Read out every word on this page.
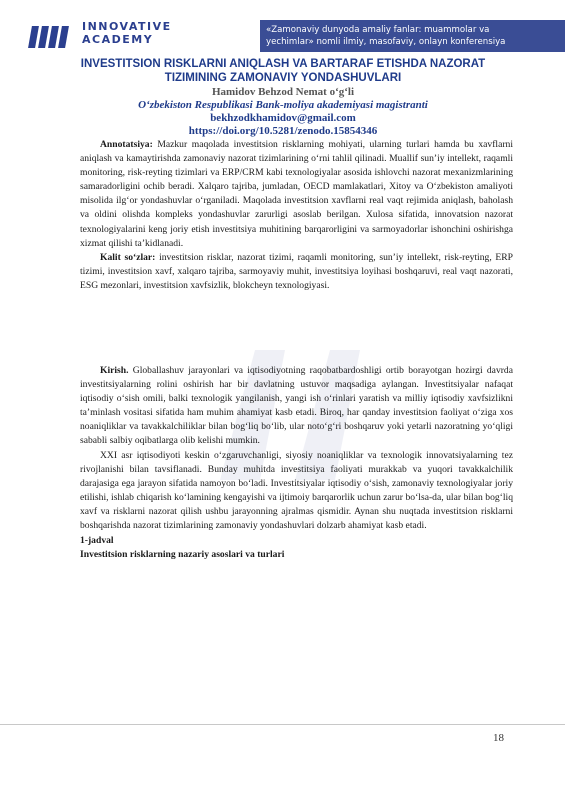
INNOVATIVE
ACADEMY
«Zamonaviy dunyoda amaliy fanlar: muammolar va
yechimlar» nomli ilmiy, masofaviy, onlayn konferensiya
INVESTITSION RISKLARNI ANIQLASH VA BARTARAF ETISHDA NAZORAT
TIZIMINING ZAMONAVIY YONDASHUVLARI
Hamidov Behzod Nemat o‘g‘li
O‘zbekiston Respublikasi Bank-moliya akademiyasi magistranti
bekhzodkhamidov@gmail.com
https://doi.org/10.5281/zenodo.15854346

Annotatsiya: Mazkur maqolada investitsion risklarning mohiyati, ularning turlari hamda bu xavflarni aniqlash va kamaytirishda zamonaviy nazorat tizimlarining o‘rni tahlil qilinadi. Muallif sun’iy intellekt, raqamli monitoring, risk-reyting tizimlari va ERP/CRM kabi texnologiyalar asosida ishlovchi nazorat mexanizmlarining samaradorligini ochib beradi. Xalqaro tajriba, jumladan, OECD mamlakatlari, Xitoy va O‘zbekiston amaliyoti misolida ilg‘or yondashuvlar o‘rganiladi. Maqolada investitsion xavflarni real vaqt rejimida aniqlash, baholash va oldini olishda kompleks yondashuvlar zarurligi asoslab berilgan. Xulosa sifatida, innovatsion nazorat texnologiyalarini keng joriy etish investitsiya muhitining barqarorligini va sarmoyadorlar ishonchini oshirishga xizmat qilishi ta’kidlanadi.

Kalit so‘zlar: investitsion risklar, nazorat tizimi, raqamli monitoring, sun’iy intellekt, risk-reyting, ERP tizimi, investitsion xavf, xalqaro tajriba, sarmoyaviy muhit, investitsiya loyihasi boshqaruvi, real vaqt nazorati, ESG mezonlari, investitsion xavfsizlik, blokcheyn texnologiyasi.

Kirish. Globallashuv jarayonlari va iqtisodiyotning raqobatbardoshligi ortib borayotgan hozirgi davrda investitsiyalarning rolini oshirish har bir davlatning ustuvor maqsadiga aylangan. Investitsiyalar nafaqat iqtisodiy o‘sish omili, balki texnologik yangilanish, yangi ish o‘rinlari yaratish va milliy iqtisodiy xavfsizlikni ta’minlash vositasi sifatida ham muhim ahamiyat kasb etadi. Biroq, har qanday investitsion faoliyat o‘ziga xos noaniqliklar va tavakkalchiliklar bilan bog‘liq bo‘lib, ular noto‘g‘ri boshqaruv yoki yetarli nazoratning yo‘qligi sababli salbiy oqibatlarga olib kelishi mumkin.

XXI asr iqtisodiyoti keskin o‘zgaruvchanligi, siyosiy noaniqliklar va texnologik innovatsiyalarning tez rivojlanishi bilan tavsiflanadi. Bunday muhitda investitsiya faoliyati murakkab va yuqori tavakkalchilik darajasiga ega jarayon sifatida namoyon bo‘ladi. Investitsiyalar iqtisodiy o‘sish, zamonaviy texnologiyalar joriy etilishi, ishlab chiqarish ko‘lamining kengayishi va ijtimoiy barqarorlik uchun zarur bo‘lsa-da, ular bilan bog‘liq xavf va risklarni nazorat qilish ushbu jarayonning ajralmas qismidir. Aynan shu nuqtada investitsion risklarni boshqarishda nazorat tizimlarining zamonaviy yondashuvlari dolzarb ahamiyat kasb etadi.

1-jadval
Investitsion risklarning nazariy asoslari va turlari
18
